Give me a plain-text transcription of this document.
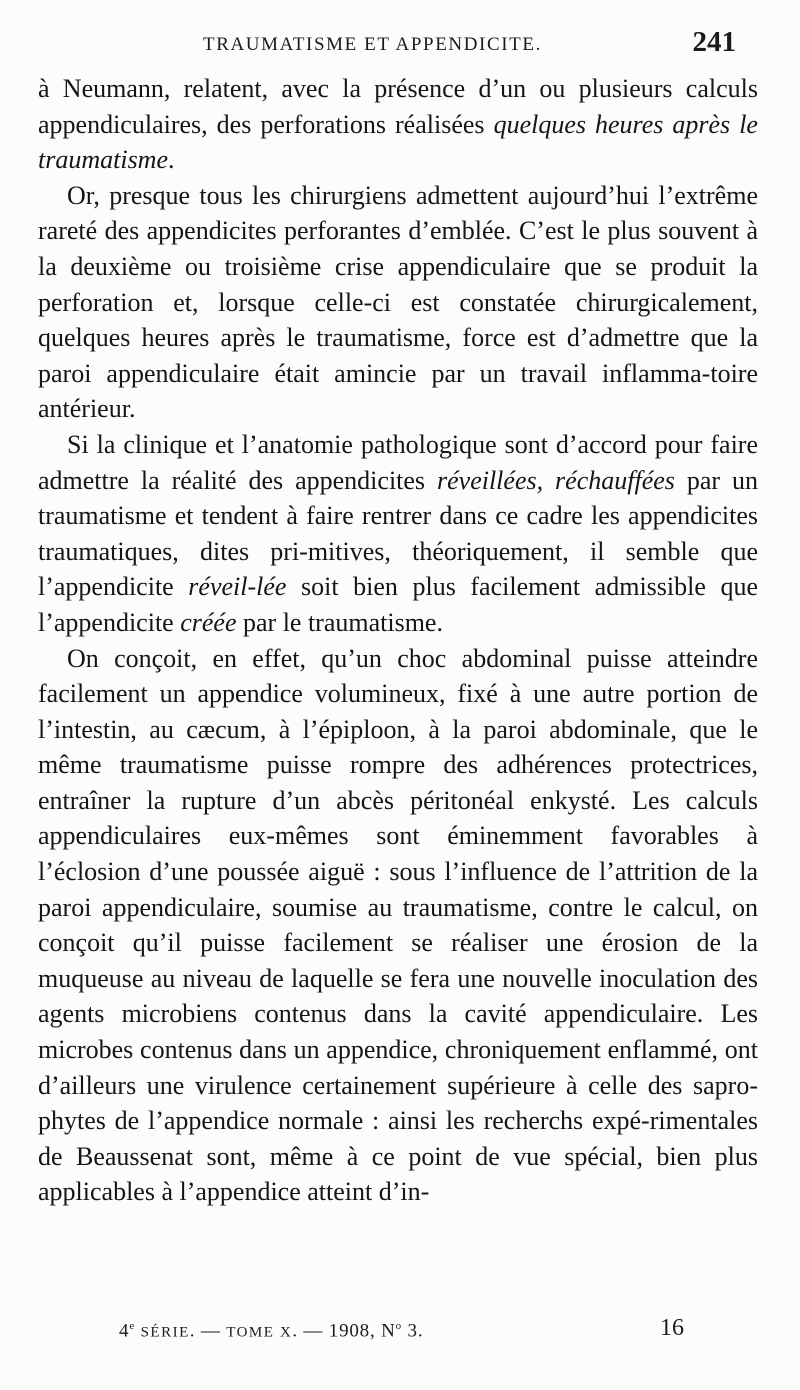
TRAUMATISME ET APPENDICITE.	241

à Neumann, relatent, avec la présence d’un ou plusieurs calculs appendiculaires, des perforations réalisées quelques heures après le traumatisme.

Or, presque tous les chirurgiens admettent aujourd’hui l’extrême rareté des appendicites perforantes d’emblée. C’est le plus souvent à la deuxième ou troisième crise appendiculaire que se produit la perforation et, lorsque celle-ci est constatée chirurgicalement, quelques heures après le traumatisme, force est d’admettre que la paroi appendiculaire était amincie par un travail inflamma-toire antérieur.

Si la clinique et l’anatomie pathologique sont d’accord pour faire admettre la réalité des appendicites réveillées, réchauffées par un traumatisme et tendent à faire rentrer dans ce cadre les appendicites traumatiques, dites pri-mitives, théoriquement, il semble que l’appendicite réveil-lée soit bien plus facilement admissible que l’appendicite créée par le traumatisme.

On conçoit, en effet, qu’un choc abdominal puisse atteindre facilement un appendice volumineux, fixé à une autre portion de l’intestin, au cæcum, à l’épiploon, à la paroi abdominale, que le même traumatisme puisse rompre des adhérences protectrices, entraîner la rupture d’un abcès péritonéal enkysté. Les calculs appendiculaires eux-mêmes sont éminemment favorables à l’éclosion d’une poussée aiguë : sous l’influence de l’attrition de la paroi appendiculaire, soumise au traumatisme, contre le calcul, on conçoit qu’il puisse facilement se réaliser une érosion de la muqueuse au niveau de laquelle se fera une nouvelle inoculation des agents microbiens contenus dans la cavité appendiculaire. Les microbes contenus dans un appendice, chroniquement enflammé, ont d’ailleurs une virulence certainement supérieure à celle des sapro-phytes de l’appendice normale : ainsi les recherchs expé-rimentales de Beaussenat sont, même à ce point de vue spécial, bien plus applicables à l’appendice atteint d’in-

4e SÉRIE. — TOME X. — 1908, $N^o$ 3.	16
